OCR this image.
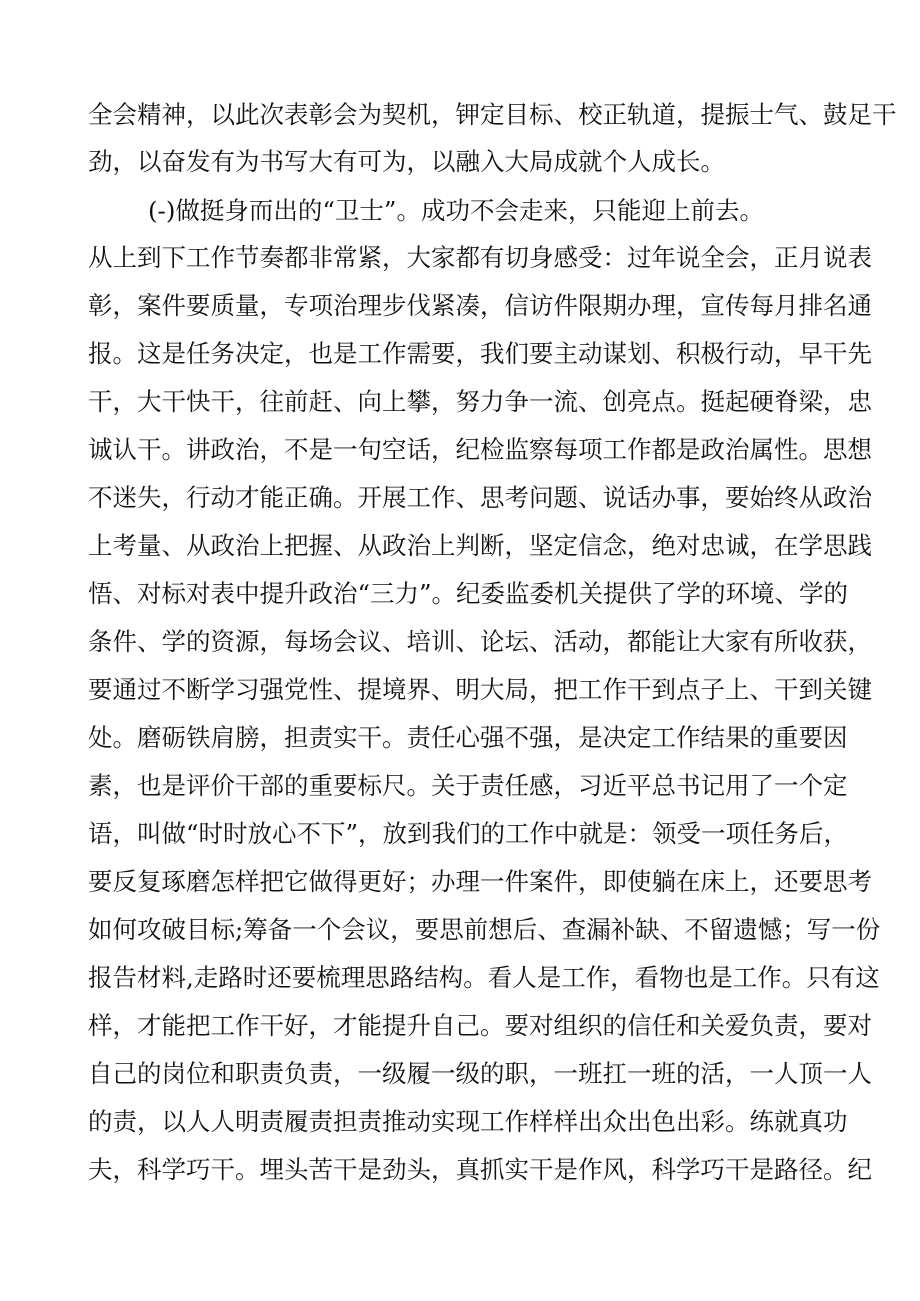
全会精神，以此次表彰会为契机，钾定目标、校正轨道，提振士气、鼓足干
劲，以奋发有为书写大有可为，以融入大局成就个人成长。
(-)做挺身而出的“卫士”。成功不会走来，只能迎上前去。
从上到下工作节奏都非常紧，大家都有切身感受：过年说全会，正月说表
彰，案件要质量，专项治理步伐紧凑，信访件限期办理，宣传每月排名通
报。这是任务决定，也是工作需要，我们要主动谋划、积极行动，早干先
干，大干快干，往前赶、向上攀，努力争一流、创亮点。挺起硬脊梁，忠
诚认干。讲政治，不是一句空话，纪检监察每项工作都是政治属性。思想
不迷失，行动才能正确。开展工作、思考问题、说话办事，要始终从政治
上考量、从政治上把握、从政治上判断，坚定信念，绝对忠诚，在学思践
悟、对标对表中提升政治“三力”。纪委监委机关提供了学的环境、学的
条件、学的资源，每场会议、培训、论坛、活动，都能让大家有所收获，
要通过不断学习强党性、提境界、明大局，把工作干到点子上、干到关键
处。磨砺铁肩膀，担责实干。责任心强不强，是决定工作结果的重要因
素，也是评价干部的重要标尺。关于责任感，习近平总书记用了一个定
语，叫做“时时放心不下”，放到我们的工作中就是：领受一项任务后，
要反复琢磨怎样把它做得更好；办理一件案件，即使躺在床上，还要思考
如何攻破目标;筹备一个会议，要思前想后、查漏补缺、不留遗憾；写一份
报告材料,走路时还要梳理思路结构。看人是工作，看物也是工作。只有这
样，才能把工作干好，才能提升自己。要对组织的信任和关爱负责，要对
自己的岗位和职责负责，一级履一级的职，一班扛一班的活，一人顶一人
的责，以人人明责履责担责推动实现工作样样出众出色出彩。练就真功
夫，科学巧干。埋头苦干是劲头，真抓实干是作风，科学巧干是路径。纪
